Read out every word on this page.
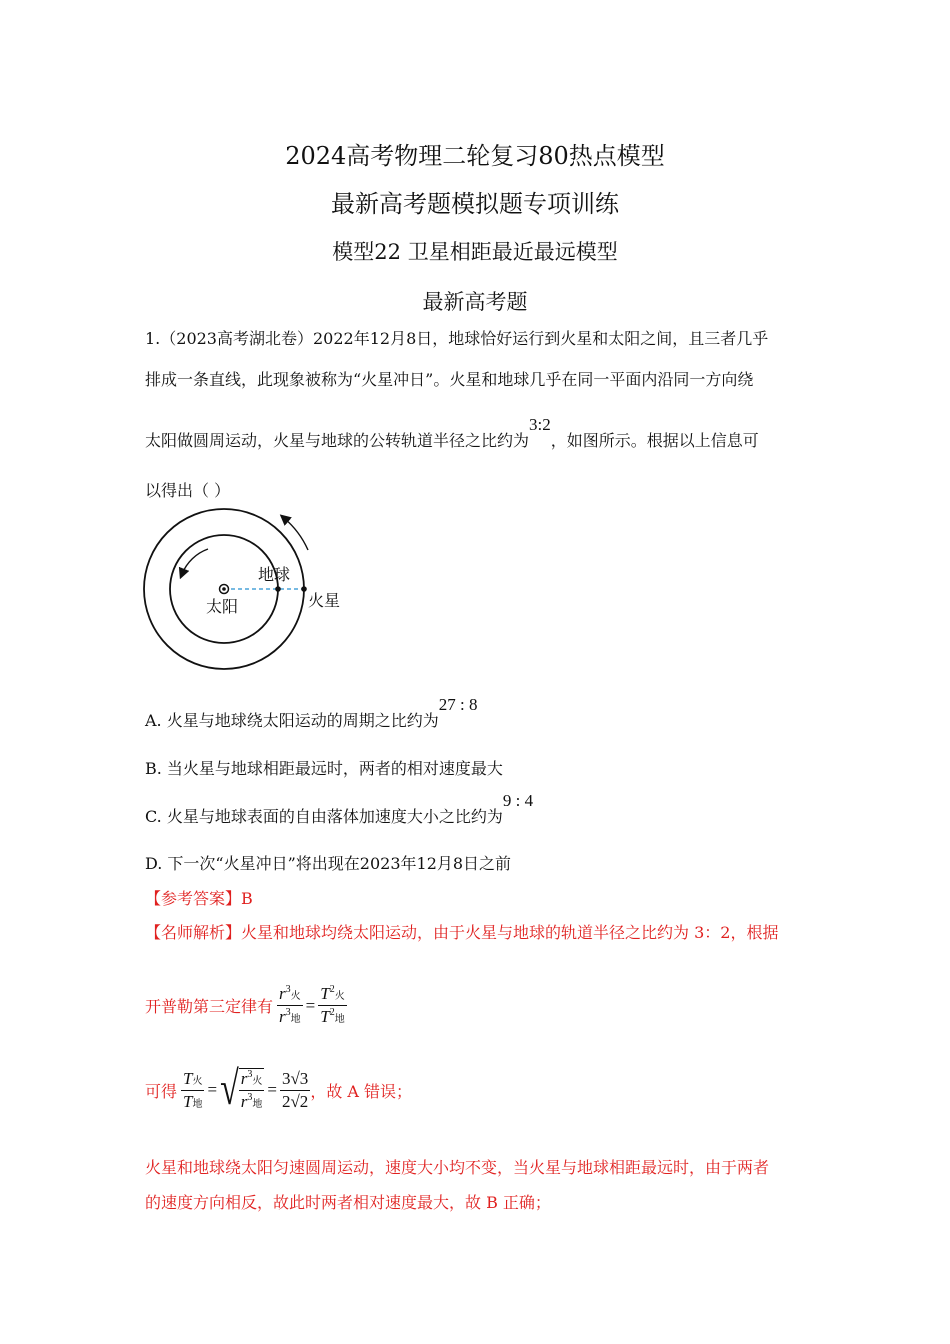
2024高考物理二轮复习80热点模型
最新高考题模拟题专项训练
模型22 卫星相距最近最远模型
最新高考题
1.（2023高考湖北卷）2022年12月8日，地球恰好运行到火星和太阳之间，且三者几乎
排成一条直线，此现象被称为“火星冲日”。火星和地球几乎在同一平面内沿同一方向绕
太阳做圆周运动，火星与地球的公转轨道半径之比约为3:2，如图所示。根据以上信息可
以得出（ ）
地球
太阳	火星
A. 火星与地球绕太阳运动的周期之比约为27 : 8
B. 当火星与地球相距最远时，两者的相对速度最大
C. 火星与地球表面的自由落体加速度大小之比约为9 : 4
D. 下一次“火星冲日”将出现在2023年12月8日之前
【参考答案】B
【名师解析】火星和地球均绕太阳运动，由于火星与地球的轨道半径之比约为 3：2，根据
开普勒第三定律有 $\frac{r^3火}{r^3地} = \frac{T^2火}{T^2地}$
可得 $\frac{\text{T火}}{\text{T地}}$ = √ $\frac{r^3火}{r^3地} = \frac{3√3}{2√2}$ ，故 A 错误；
火星和地球绕太阳匀速圆周运动，速度大小均不变，当火星与地球相距最远时，由于两者
的速度方向相反，故此时两者相对速度最大，故 B 正确；
